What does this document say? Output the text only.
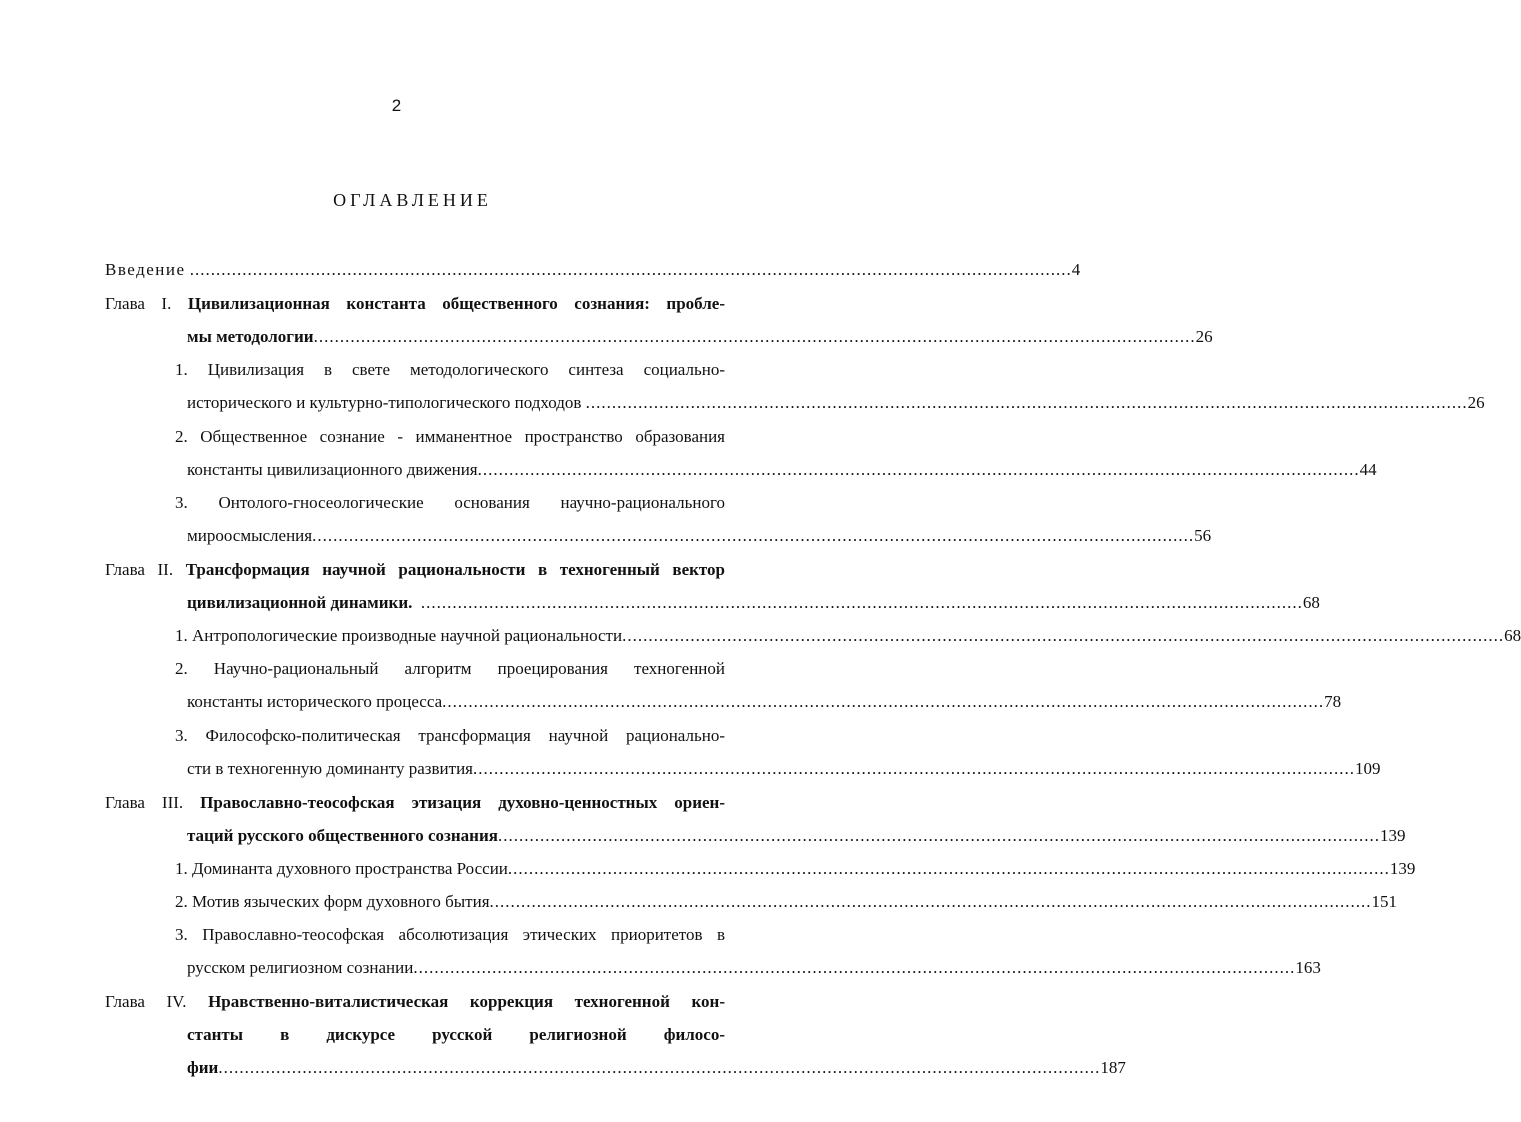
2
ОГЛАВЛЕНИЕ
Введение
........................................................................................................................................................................ 4
Глава I. Цивилизационная константа общественного сознания: пробле-
мы методологии ........................................................................................................................................................................ 26
1. Цивилизация в свете методологического синтеза социально-
исторического и культурно-типологического подходов
........................................................................................................................................................................ 26
2. Общественное сознание - имманентное пространство образования
константы цивилизационного движения ........................................................................................................................................................................ 44
3. Онтолого-гносеологические основания научно-рационального
мироосмысления ........................................................................................................................................................................ 56
Глава II. Трансформация научной рациональности в техногенный вектор
цивилизационной динамики.
........................................................................................................................................................................ 68
1. Антропологические производные научной рациональности ........................................................................................................................................................................ 68
2. Научно-рациональный алгоритм проецирования техногенной
константы исторического процесса ........................................................................................................................................................................ 78
3. Философско-политическая трансформация научной рациональнo-
сти в техногенную доминанту развития ........................................................................................................................................................................ 109
Глава III. Православно-теософская этизация духовно-ценностных ориен-
таций русского общественного сознания ........................................................................................................................................................................ 139
1. Доминанта духовного пространства России ........................................................................................................................................................................ 139
2. Мотив языческих форм духовного бытия ........................................................................................................................................................................ 151
3. Православно-теософская абсолютизация этических приоритетов в
русском религиозном сознании ........................................................................................................................................................................ 163
Глава IV. Нравственно-виталистическая коррекция техногенной кон-
станты в дискурсе русской религиозной филосо-
фии ........................................................................................................................................................................ 187
